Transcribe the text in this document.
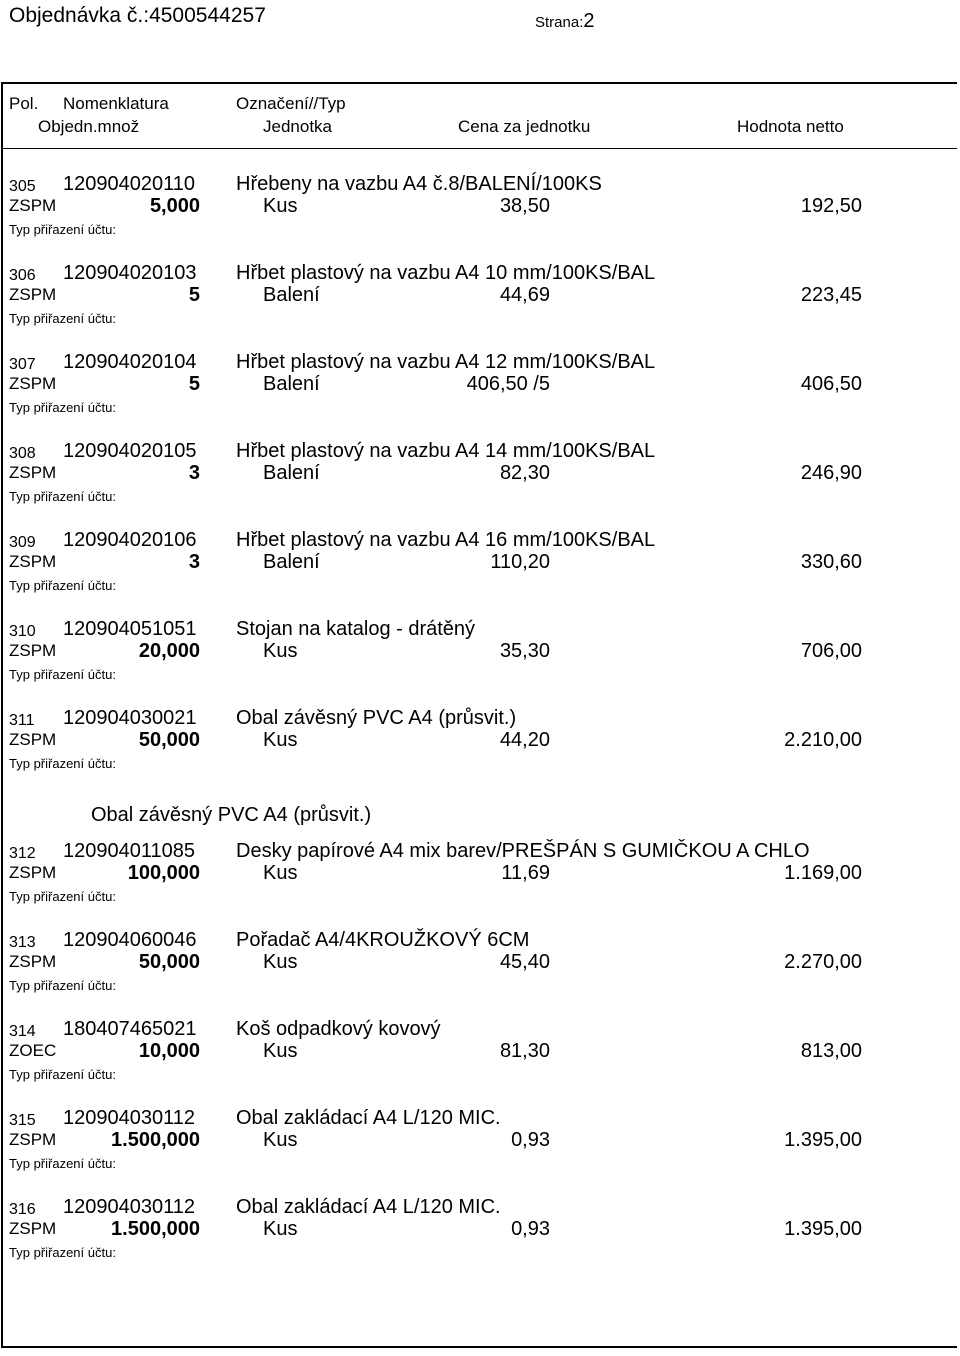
Objednávka č.:4500544257	Strana:2
Pol. Nomenklatura	Označení//Typ
Objedn.množ	Jednotka	Cena za jednotku	Hodnota netto
305 120904020110 Hřebeny na vazbu A4 č.8/BALENÍ/100KS
ZSPM	5,000	Kus	38,50	192,50
Typ přiřazení účtu:
306 120904020103 Hřbet plastový na vazbu A4 10 mm/100KS/BAL
ZSPM	5	Balení	44,69	223,45
Typ přiřazení účtu:
307 120904020104 Hřbet plastový na vazbu A4 12 mm/100KS/BAL
ZSPM	5	Balení	406,50 /5	406,50
Typ přiřazení účtu:
308 120904020105 Hřbet plastový na vazbu A4 14 mm/100KS/BAL
ZSPM	3	Balení	82,30	246,90
Typ přiřazení účtu:
309 120904020106 Hřbet plastový na vazbu A4 16 mm/100KS/BAL
ZSPM	3	Balení	110,20	330,60
Typ přiřazení účtu:
310 120904051051 Stojan na katalog - drátěný
ZSPM	20,000	Kus	35,30	706,00
Typ přiřazení účtu:
311 120904030021 Obal závěsný PVC A4 (průsvit.)
ZSPM	50,000	Kus	44,20	2.210,00
Typ přiřazení účtu:
312 120904011085 Desky papírové A4 mix barev/PREŠPÁN S GUMIČKOU A CHLO
ZSPM	100,000	Kus	11,69	1.169,00
Typ přiřazení účtu:
313 120904060046 Pořadač A4/4KROUŽKOVÝ 6CM
ZSPM	50,000	Kus	45,40	2.270,00
Typ přiřazení účtu:
314 180407465021 Koš odpadkový kovový
ZOEC	10,000	Kus	81,30	813,00
Typ přiřazení účtu:
315 120904030112 Obal zakládací A4 L/120 MIC.
ZSPM	1.500,000	Kus	0,93	1.395,00
Typ přiřazení účtu:
316 120904030112 Obal zakládací A4 L/120 MIC.
ZSPM	1.500,000	Kus	0,93	1.395,00
Typ přiřazení účtu:
Obal závěsný PVC A4 (průsvit.)
